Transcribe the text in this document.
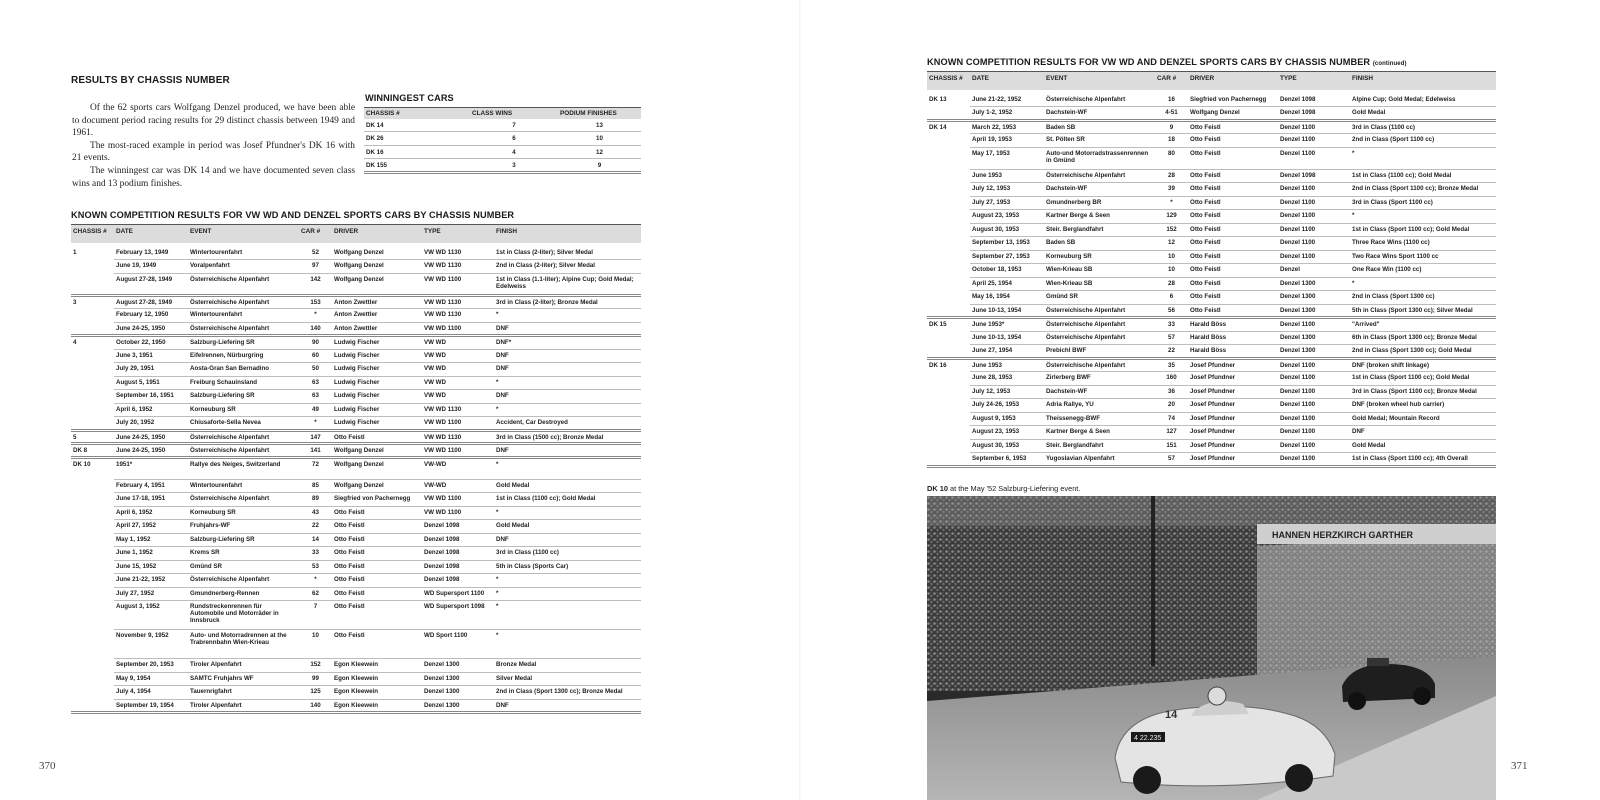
RESULTS BY CHASSIS NUMBER

Of the 62 sports cars Wolfgang Denzel produced, we have been able to document period racing results for 29 distinct chassis between 1949 and 1961.

The most-raced example in period was Josef Pfundner's DK 16 with 21 events.

The winningest car was DK 14 and we have documented seven class wins and 13 podium finishes.

WINNINGEST CARS
CHASSIS #	CLASS WINS	PODIUM FINISHES
DK 14	7	13
DK 26	6	10
DK 16	4	12
DK 155	3	9
KNOWN COMPETITION RESULTS FOR VW WD AND DENZEL SPORTS CARS BY CHASSIS NUMBER
CHASSIS #	DATE	EVENT	CAR #	DRIVER	TYPE	FINISH
1	February 13, 1949	Wintertourenfahrt	52	Wolfgang Denzel	VW WD 1130	1st in Class (2-liter); Silver Medal
	June 19, 1949	Voralpenfahrt	97	Wolfgang Denzel	VW WD 1130	2nd in Class (2-liter); Silver Medal
	August 27-28, 1949	Österreichische Alpenfahrt	142	Wolfgang Denzel	VW WD 1100	1st in Class (1.1-liter); Alpine Cup; Gold Medal; Edelweiss
3	August 27-28, 1949	Österreichische Alpenfahrt	153	Anton Zwettler	VW WD 1130	3rd in Class (2-liter); Bronze Medal
	February 12, 1950	Wintertourenfahrt	*	Anton Zwettler	VW WD 1130	*
	June 24-25, 1950	Österreichische Alpenfahrt	140	Anton Zwettler	VW WD 1100	DNF
4	October 22, 1950	Salzburg-Liefering SR	90	Ludwig Fischer	VW WD	DNF*
	June 3, 1951	Eifelrennen, Nürburgring	60	Ludwig Fischer	VW WD	DNF
	July 29, 1951	Aosta-Gran San Bernadino	50	Ludwig Fischer	VW WD	DNF
	August 5, 1951	Freiburg Schauinsland	63	Ludwig Fischer	VW WD	*
	September 16, 1951	Salzburg-Liefering SR	63	Ludwig Fischer	VW WD	DNF
	April 6, 1952	Korneuburg SR	49	Ludwig Fischer	VW WD 1130	*
	July 20, 1952	Chiusaforte-Sella Nevea	*	Ludwig Fischer	VW WD 1100	Accident, Car Destroyed
5	June 24-25, 1950	Österreichische Alpenfahrt	147	Otto Feistl	VW WD 1130	3rd in Class (1500 cc); Bronze Medal
DK 8	June 24-25, 1950	Österreichische Alpenfahrt	141	Wolfgang Denzel	VW WD 1100	DNF
DK 10	1951*	Rallye des Neiges, Switzerland	72	Wolfgang Denzel	VW-WD	*
	February 4, 1951	Wintertourenfahrt	85	Wolfgang Denzel	VW-WD	Gold Medal
	June 17-18, 1951	Österreichische Alpenfahrt	89	Siegfried von Pachernegg	VW WD 1100	1st in Class (1100 cc); Gold Medal
	April 6, 1952	Korneuburg SR	43	Otto Feistl	VW WD 1100	*
	April 27, 1952	Fruhjahrs-WF	22	Otto Feistl	Denzel 1098	Gold Medal
	May 1, 1952	Salzburg-Liefering SR	14	Otto Feistl	Denzel 1098	DNF
	June 1, 1952	Krems SR	33	Otto Feistl	Denzel 1098	3rd in Class (1100 cc)
	June 15, 1952	Gmünd SR	53	Otto Feistl	Denzel 1098	5th in Class (Sports Car)
	June 21-22, 1952	Österreichische Alpenfahrt	*	Otto Feistl	Denzel 1098	*
	July 27, 1952	Gmundnerberg-Rennen	62	Otto Feistl	WD Supersport 1100	*
	August 3, 1952	Rundstreckenrennen für Automobile und Motorräder in Innsbruck	7	Otto Feistl	WD Supersport 1098	*
	November 9, 1952	Auto- und Motorradrennen at the Trabrennbahn Wien-Krieau	10	Otto Feistl	WD Sport 1100	*
	September 20, 1953	Tiroler Alpenfahrt	152	Egon Kleewein	Denzel 1300	Bronze Medal
	May 9, 1954	SAMTC Fruhjahrs WF	99	Egon Kleewein	Denzel 1300	Silver Medal
	July 4, 1954	Tauernrigfahrt	125	Egon Kleewein	Denzel 1300	2nd in Class (Sport 1300 cc); Bronze Medal
	September 19, 1954	Tiroler Alpenfahrt	140	Egon Kleewein	Denzel 1300	DNF
370
KNOWN COMPETITION RESULTS FOR VW WD AND DENZEL SPORTS CARS BY CHASSIS NUMBER (continued)
CHASSIS #	DATE	EVENT	CAR #	DRIVER	TYPE	FINISH
DK 13	June 21-22, 1952	Österreichische Alpenfahrt	16	Siegfried von Pachernegg	Denzel 1098	Alpine Cup; Gold Medal; Edelweiss
	July 1-2, 1952	Dachstein-WF	4-51	Wolfgang Denzel	Denzel 1098	Gold Medal
DK 14	March 22, 1953	Baden SB	9	Otto Feistl	Denzel 1100	3rd in Class (1100 cc)
	April 19, 1953	St. Pölten SR	18	Otto Feistl	Denzel 1100	2nd in Class (Sport 1100 cc)
	May 17, 1953	Auto-und Motorradstrassenrennen in Gmünd	80	Otto Feistl	Denzel 1100	*
	June 1953	Österreichische Alpenfahrt	28	Otto Feistl	Denzel 1098	1st in Class (1100 cc); Gold Medal
	July 12, 1953	Dachstein-WF	39	Otto Feistl	Denzel 1100	2nd in Class (Sport 1100 cc); Bronze Medal
	July 27, 1953	Gmundnerberg BR	*	Otto Feistl	Denzel 1100	3rd in Class (Sport 1100 cc)
	August 23, 1953	Kartner Berge & Seen	129	Otto Feistl	Denzel 1100	*
	August 30, 1953	Steir. Berglandfahrt	152	Otto Feistl	Denzel 1100	1st in Class (Sport 1100 cc); Gold Medal
	September 13, 1953	Baden SB	12	Otto Feistl	Denzel 1100	Three Race Wins (1100 cc)
	September 27, 1953	Korneuburg SR	10	Otto Feistl	Denzel 1100	Two Race Wins Sport 1100 cc
	October 18, 1953	Wien-Krieau SB	10	Otto Feistl	Denzel	One Race Win (1100 cc)
	April 25, 1954	Wien-Krieau SB	28	Otto Feistl	Denzel 1300	*
	May 16, 1954	Gmünd SR	6	Otto Feistl	Denzel 1300	2nd in Class (Sport 1300 cc)
	June 10-13, 1954	Österreichische Alpenfahrt	56	Otto Feistl	Denzel 1300	5th in Class (Sport 1300 cc); Silver Medal
DK 15	June 1953*	Österreichische Alpenfahrt	33	Harald Böss	Denzel 1100	"Arrived"
	June 10-13, 1954	Österreichische Alpenfahrt	57	Harald Böss	Denzel 1300	6th in Class (Sport 1300 cc); Bronze Medal
	June 27, 1954	Prebichl BWF	22	Harald Böss	Denzel 1300	2nd in Class (Sport 1300 cc); Gold Medal
DK 16	June 1953	Österreichische Alpenfahrt	35	Josef Pfundner	Denzel 1100	DNF (broken shift linkage)
	June 28, 1953	Zirlerberg BWF	160	Josef Pfundner	Denzel 1100	1st in Class (Sport 1100 cc); Gold Medal
	July 12, 1953	Dachstein-WF	36	Josef Pfundner	Denzel 1100	3rd in Class (Sport 1100 cc); Bronze Medal
	July 24-26, 1953	Adria Rallye, YU	20	Josef Pfundner	Denzel 1100	DNF (broken wheel hub carrier)
	August 9, 1953	Theissenegg-BWF	74	Josef Pfundner	Denzel 1100	Gold Medal; Mountain Record
	August 23, 1953	Kartner Berge & Seen	127	Josef Pfundner	Denzel 1100	DNF
	August 30, 1953	Steir. Berglandfahrt	151	Josef Pfundner	Denzel 1100	Gold Medal
	September 6, 1953	Yugoslavian Alpenfahrt	57	Josef Pfundner	Denzel 1100	1st in Class (Sport 1100 cc); 4th Overall
371
DK 10 at the May '52 Salzburg-Liefering event.
HANNEN HERZKIRCH GARTHER
4 22.235
14
